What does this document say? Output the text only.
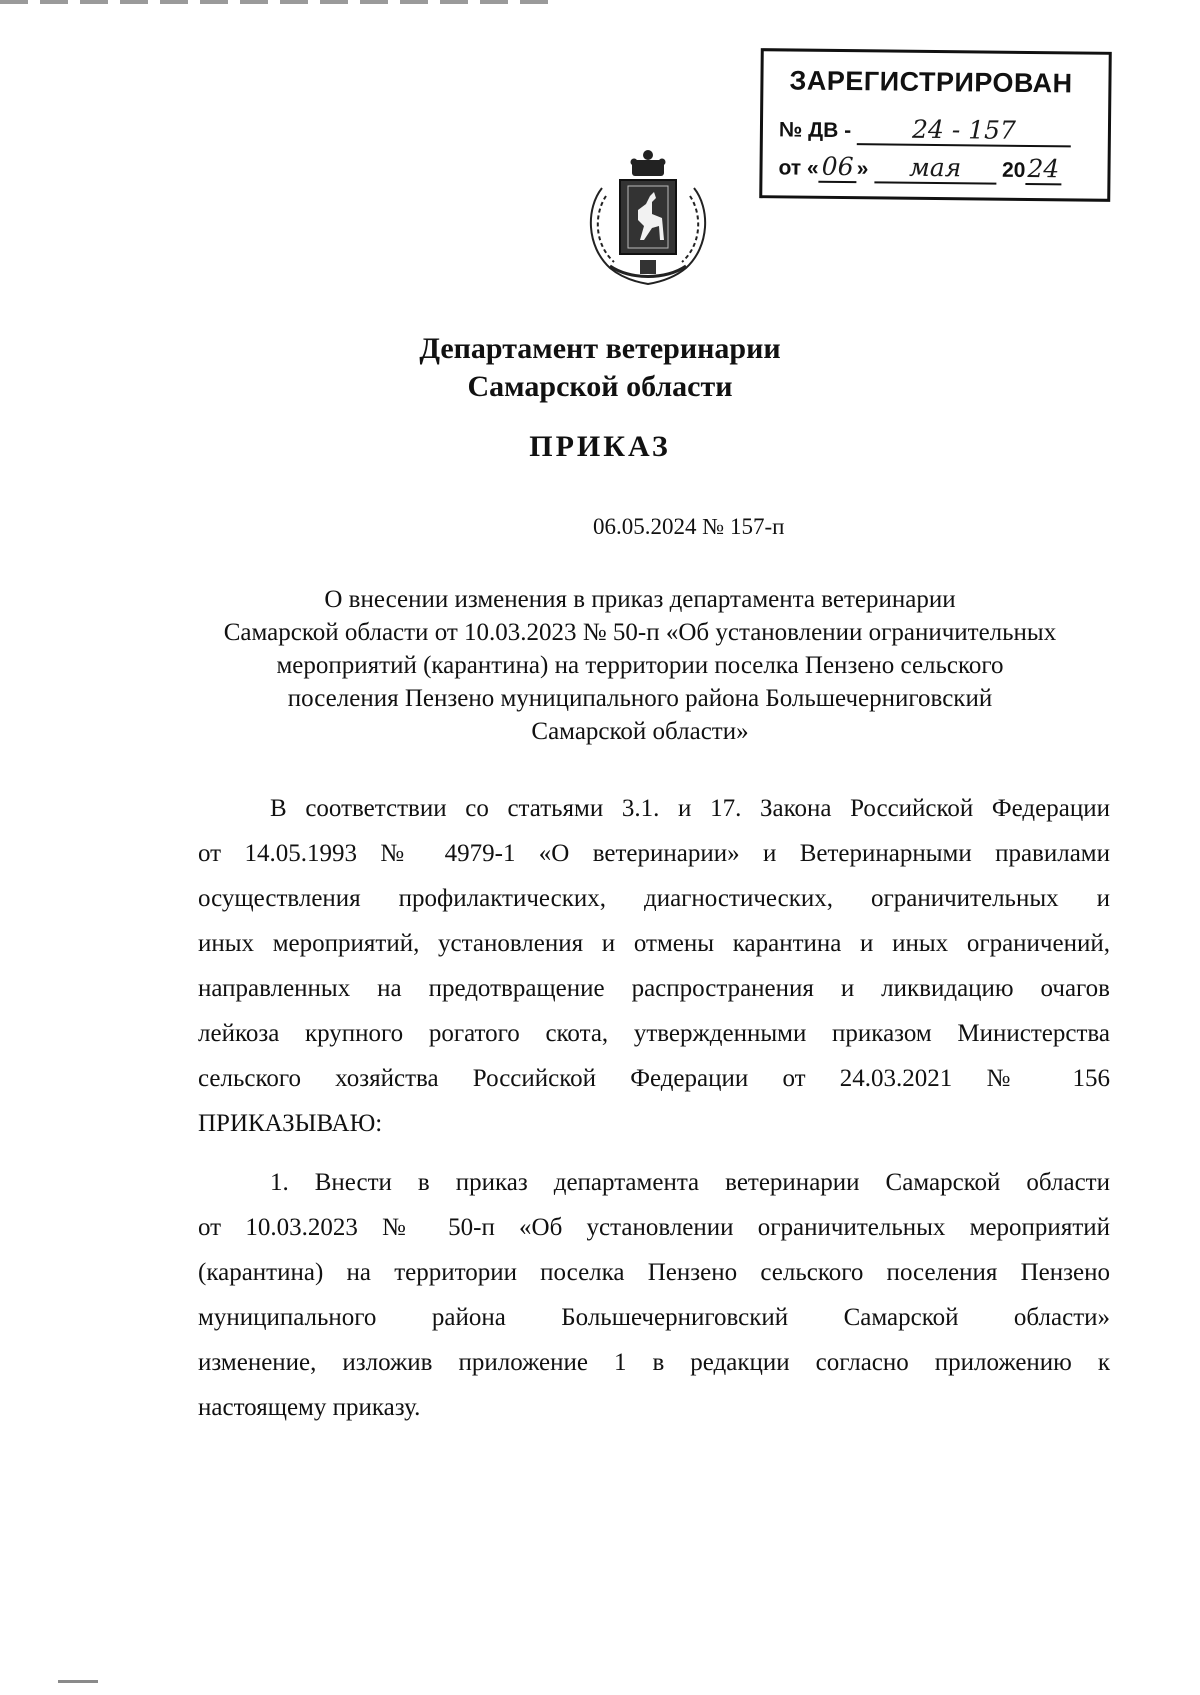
ЗАРЕГИСТРИРОВАН
№ ДВ - 24 - 157
от « 06 » мая 2024
Департамент ветеринарии
Самарской области
ПРИКАЗ
06.05.2024 № 157-п
О внесении изменения в приказ департамента ветеринарии
Самарской области от 10.03.2023 № 50-п «Об установлении ограничительных
мероприятий (карантина) на территории поселка Пензено сельского
поселения Пензено муниципального района Большечерниговский
Самарской области»
В соответствии со статьями 3.1. и 17. Закона Российской Федерации
от 14.05.1993 № 4979-1 «О ветеринарии» и Ветеринарными правилами
осуществления профилактических, диагностических, ограничительных и
иных мероприятий, установления и отмены карантина и иных ограничений,
направленных на предотвращение распространения и ликвидацию очагов
лейкоза крупного рогатого скота, утвержденными приказом Министерства
сельского хозяйства Российской Федерации от 24.03.2021 № 156
ПРИКАЗЫВАЮ:
1. Внести в приказ департамента ветеринарии Самарской области
от 10.03.2023 № 50-п «Об установлении ограничительных мероприятий
(карантина) на территории поселка Пензено сельского поселения Пензено
муниципального района Большечерниговский Самарской области»
изменение, изложив приложение 1 в редакции согласно приложению к
настоящему приказу.
